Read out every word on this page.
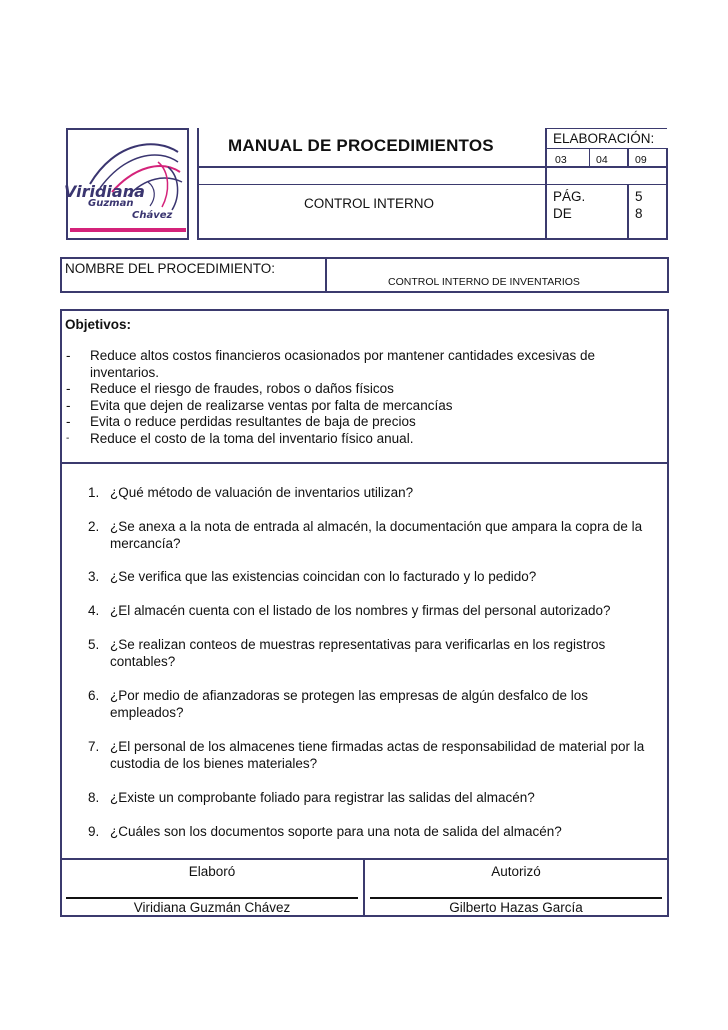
Viridiana
Guzman
Chávez
MANUAL DE PROCEDIMIENTOS
CONTROL INTERNO
ELABORACIÓN:
03	04	09
PÁG.	5
DE	8
NOMBRE DEL PROCEDIMIENTO:
CONTROL INTERNO DE INVENTARIOS
Objetivos:
- Reduce altos costos financieros ocasionados por mantener cantidades excesivas de inventarios.
- Reduce el riesgo de fraudes, robos o daños físicos
- Evita que dejen de realizarse ventas por falta de mercancías
- Evita o reduce perdidas resultantes de baja de precios
- Reduce el costo de la toma del inventario físico anual.
1. ¿Qué método de valuación de inventarios utilizan?
2. ¿Se anexa a la nota de entrada al almacén, la documentación que ampara la copra de la mercancía?
3. ¿Se verifica que las existencias coincidan con lo facturado y lo pedido?
4. ¿El almacén cuenta con el listado de los nombres y firmas del personal autorizado?
5. ¿Se realizan conteos de muestras representativas para verificarlas en los registros contables?
6. ¿Por medio de afianzadoras se protegen las empresas de algún desfalco de los empleados?
7. ¿El personal de los almacenes tiene firmadas actas de responsabilidad de material por la custodia de los bienes materiales?
8. ¿Existe un comprobante foliado para registrar las salidas del almacén?
9. ¿Cuáles son los documentos soporte para una nota de salida del almacén?
Elaboró
Viridiana Guzmán Chávez
Autorizó
Gilberto Hazas García
